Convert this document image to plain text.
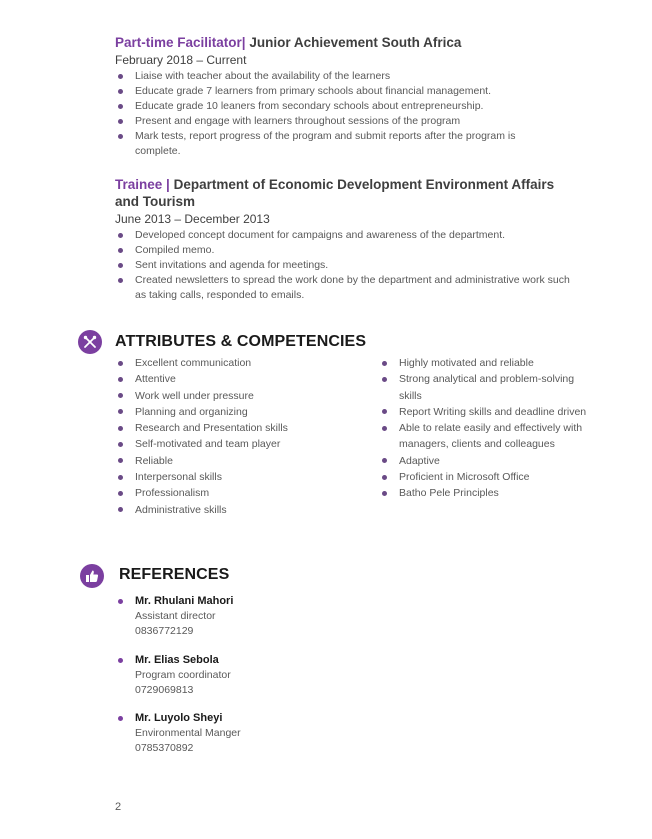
Part-time Facilitator| Junior Achievement South Africa
February 2018 – Current
Liaise with teacher about the availability of the learners
Educate grade 7 learners from primary schools about financial management.
Educate grade 10 leaners from secondary schools about entrepreneurship.
Present and engage with learners throughout sessions of the program
Mark tests, report progress of the program and submit reports after the program is complete.
Trainee | Department of Economic Development Environment Affairs and Tourism
June 2013 – December 2013
Developed concept document for campaigns and awareness of the department.
Compiled memo.
Sent invitations and agenda for meetings.
Created newsletters to spread the work done by the department and administrative work such as taking calls, responded to emails.
ATTRIBUTES & COMPETENCIES
Excellent communication
Attentive
Work well under pressure
Planning and organizing
Research and Presentation skills
Self-motivated and team player
Reliable
Interpersonal skills
Professionalism
Administrative skills
Highly motivated and reliable
Strong analytical and problem-solving skills
Report Writing skills and deadline driven
Able to relate easily and effectively with managers, clients and colleagues
Adaptive
Proficient in Microsoft Office
Batho Pele Principles
REFERENCES
Mr. Rhulani Mahori
Assistant director
0836772129
Mr. Elias Sebola
Program coordinator
0729069813
Mr. Luyolo Sheyi
Environmental Manger
0785370892
2
